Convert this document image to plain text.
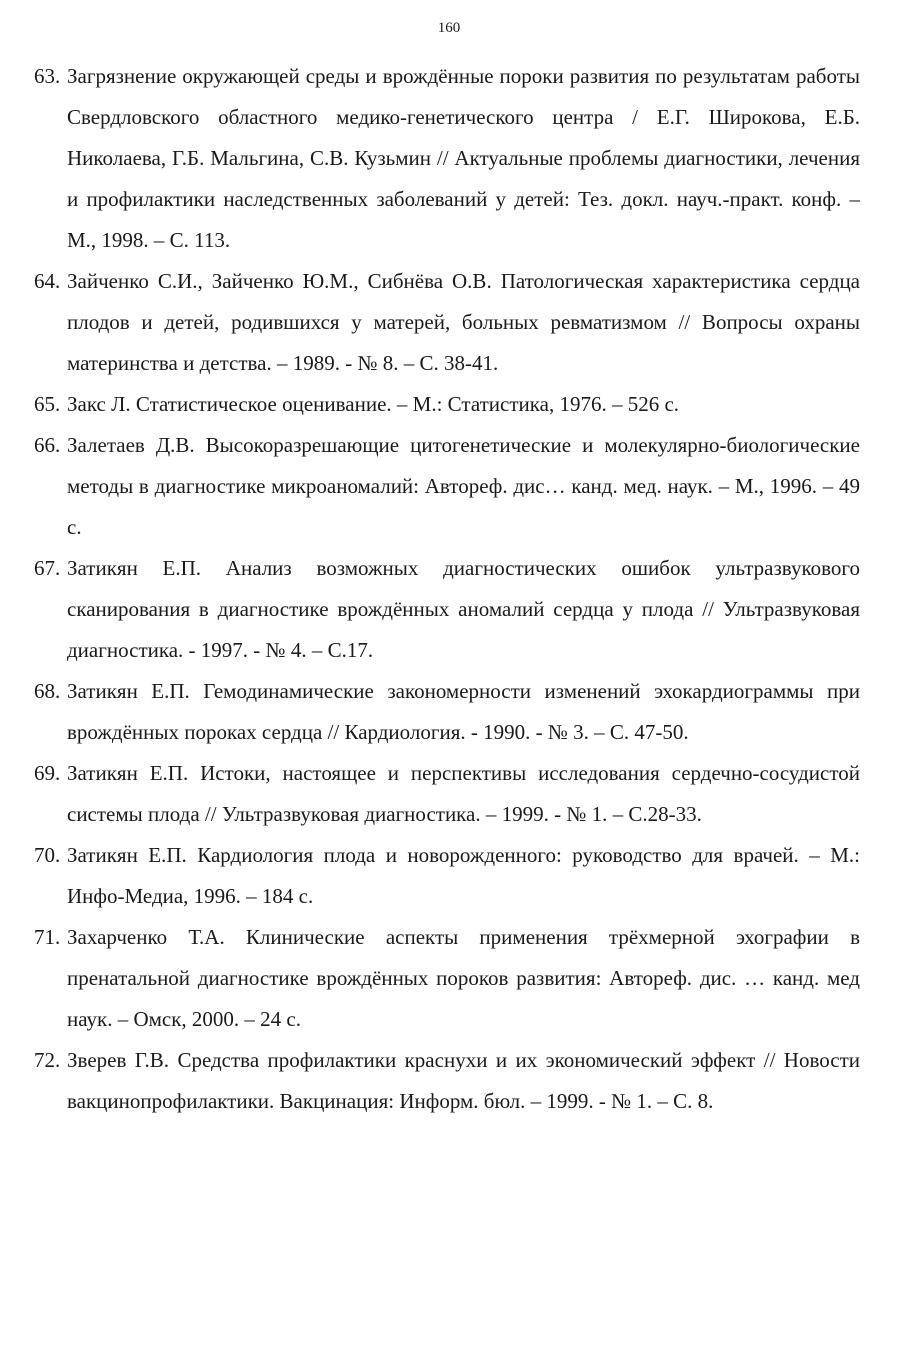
160
63. Загрязнение окружающей среды и врождённые пороки развития по результатам работы Свердловского областного медико-генетического центра / Е.Г. Широкова, Е.Б. Николаева, Г.Б. Мальгина, С.В. Кузьмин // Актуальные проблемы диагностики, лечения и профилактики наследственных заболеваний у детей: Тез. докл. науч.-практ. конф. – М., 1998. – С. 113.
64. Зайченко С.И., Зайченко Ю.М., Сибнёва О.В. Патологическая характеристика сердца плодов и детей, родившихся у матерей, больных ревматизмом // Вопросы охраны материнства и детства. – 1989. - № 8. – С. 38-41.
65. Закс Л. Статистическое оценивание. – М.: Статистика, 1976. – 526 с.
66. Залетаев Д.В. Высокоразрешающие цитогенетические и молекулярно-биологические методы в диагностике микроаномалий: Автореф. дис… канд. мед. наук. – М., 1996. – 49 с.
67. Затикян Е.П. Анализ возможных диагностических ошибок ультразвукового сканирования в диагностике врождённых аномалий сердца у плода // Ультразвуковая диагностика. - 1997. - № 4. – С.17.
68. Затикян Е.П. Гемодинамические закономерности изменений эхокардиограммы при врождённых пороках сердца // Кардиология. - 1990. - № 3. – С. 47-50.
69. Затикян Е.П. Истоки, настоящее и перспективы исследования сердечно-сосудистой системы плода // Ультразвуковая диагностика. – 1999. - № 1. – С.28-33.
70. Затикян Е.П. Кардиология плода и новорожденного: руководство для врачей. – М.: Инфо-Медиа, 1996. – 184 с.
71. Захарченко Т.А. Клинические аспекты применения трёхмерной эхографии в пренатальной диагностике врождённых пороков развития: Автореф. дис. … канд. мед наук. – Омск, 2000. – 24 с.
72. Зверев Г.В. Средства профилактики краснухи и их экономический эффект // Новости вакцинопрофилактики. Вакцинация: Информ. бюл. – 1999. - № 1. – С. 8.
